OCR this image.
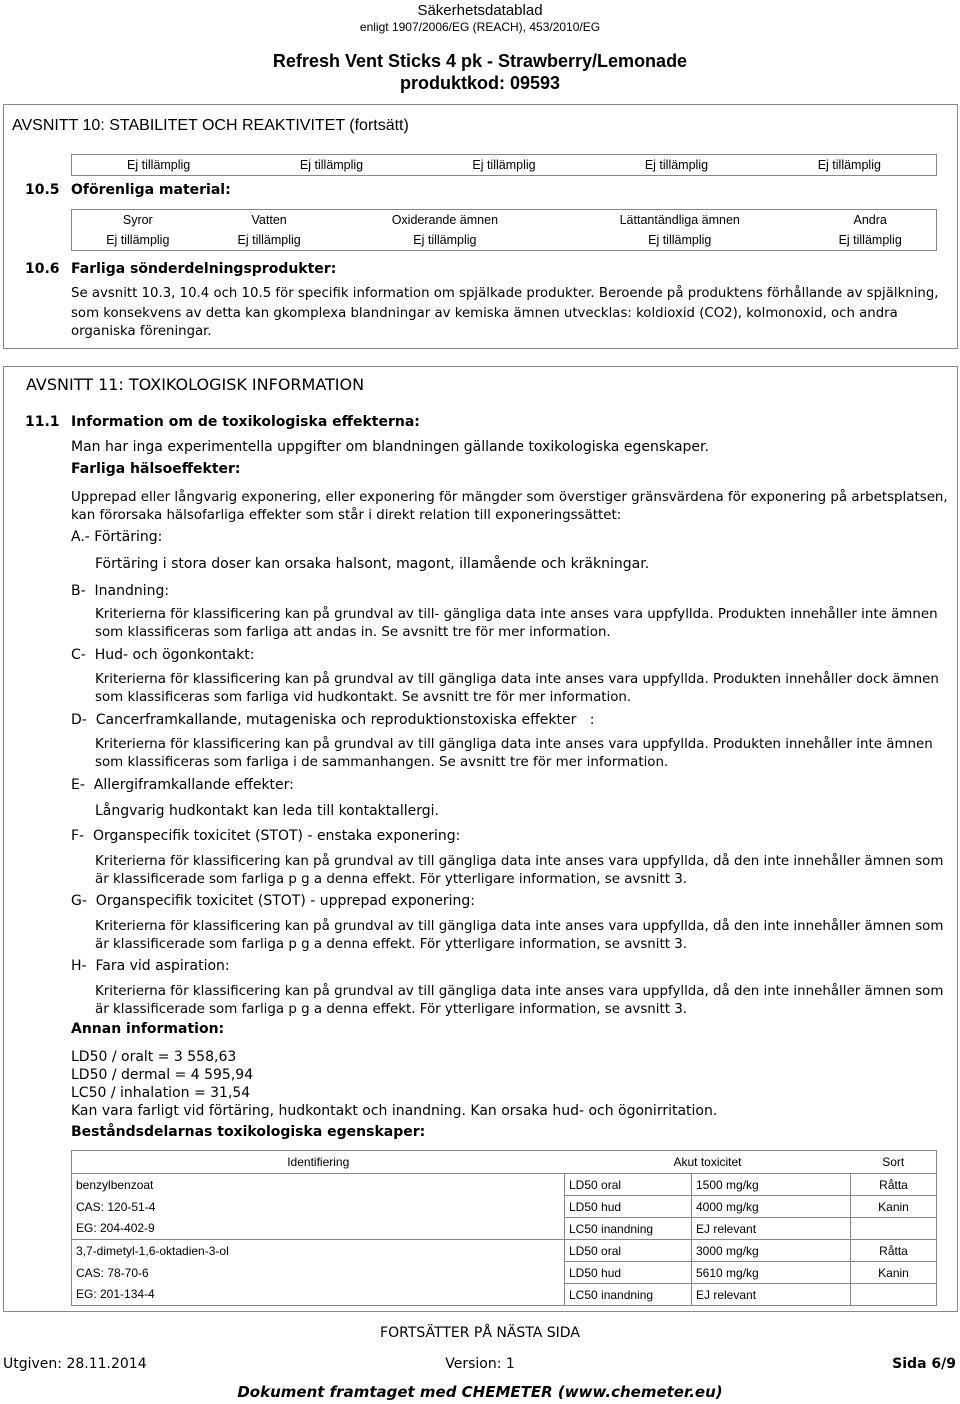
Säkerhetsdatablad
enligt 1907/2006/EG (REACH), 453/2010/EG
Refresh Vent Sticks 4 pk - Strawberry/Lemonade
produktkod: 09593
AVSNITT 10: STABILITET OCH REAKTIVITET (fortsätt)
Ej tillämplig	Ej tillämplig	Ej tillämplig	Ej tillämplig	Ej tillämplig
10.5 Oförenliga material:
Syror	Vatten	Oxiderande ämnen	Lättantändliga ämnen	Andra
Ej tillämplig	Ej tillämplig	Ej tillämplig	Ej tillämplig	Ej tillämplig
10.6 Farliga sönderdelningsprodukter:
Se avsnitt 10.3, 10.4 och 10.5 för specifik information om spjälkade produkter. Beroende på produktens förhållande av spjälkning,
som konsekvens av detta kan gkomplexa blandningar av kemiska ämnen utvecklas: koldioxid (CO2), kolmonoxid, och andra
organiska föreningar.
AVSNITT 11: TOXIKOLOGISK INFORMATION
11.1 Information om de toxikologiska effekterna:
Man har inga experimentella uppgifter om blandningen gällande toxikologiska egenskaper.
Farliga hälsoeffekter:
Upprepad eller långvarig exponering, eller exponering för mängder som överstiger gränsvärdena för exponering på arbetsplatsen,
kan förorsaka hälsofarliga effekter som står i direkt relation till exponeringssättet:
A.- Förtäring:
Förtäring i stora doser kan orsaka halsont, magont, illamående och kräkningar.
B-  Inandning:
Kriterierna för klassificering kan på grundval av till- gängliga data inte anses vara uppfyllda. Produkten innehåller inte ämnen
som klassificeras som farliga att andas in. Se avsnitt tre för mer information.
C-  Hud- och ögonkontakt:
Kriterierna för klassificering kan på grundval av till gängliga data inte anses vara uppfyllda. Produkten innehåller dock ämnen
som klassificeras som farliga vid hudkontakt. Se avsnitt tre för mer information.
D-  Cancerframkallande, mutageniska och reproduktionstoxiska effekter   :
Kriterierna för klassificering kan på grundval av till gängliga data inte anses vara uppfyllda. Produkten innehåller inte ämnen
som klassificeras som farliga i de sammanhangen. Se avsnitt tre för mer information.
E-  Allergiframkallande effekter:
Långvarig hudkontakt kan leda till kontaktallergi.
F-  Organspecifik toxicitet (STOT) - enstaka exponering:
Kriterierna för klassificering kan på grundval av till gängliga data inte anses vara uppfyllda, då den inte innehåller ämnen som
är klassificerade som farliga p g a denna effekt. För ytterligare information, se avsnitt 3.
G-  Organspecifik toxicitet (STOT) - upprepad exponering:
Kriterierna för klassificering kan på grundval av till gängliga data inte anses vara uppfyllda, då den inte innehåller ämnen som
är klassificerade som farliga p g a denna effekt. För ytterligare information, se avsnitt 3.
H-  Fara vid aspiration:
Kriterierna för klassificering kan på grundval av till gängliga data inte anses vara uppfyllda, då den inte innehåller ämnen som
är klassificerade som farliga p g a denna effekt. För ytterligare information, se avsnitt 3.
Annan information:
LD50 / oralt = 3 558,63
LD50 / dermal = 4 595,94
LC50 / inhalation = 31,54
Kan vara farligt vid förtäring, hudkontakt och inandning. Kan orsaka hud- och ögonirritation.
Beståndsdelarnas toxikologiska egenskaper:
Identifiering	Akut toxicitet		Sort
benzylbenzoat	LD50 oral	1500 mg/kg	Råtta
CAS: 120-51-4	LD50 hud	4000 mg/kg	Kanin
EG: 204-402-9	LC50 inandning	EJ relevant	
3,7-dimetyl-1,6-oktadien-3-ol	LD50 oral	3000 mg/kg	Råtta
CAS: 78-70-6	LD50 hud	5610 mg/kg	Kanin
EG: 201-134-4	LC50 inandning	EJ relevant	
FORTSÄTTER PÅ NÄSTA SIDA
Utgiven: 28.11.2014	Version: 1	Sida 6/9
Dokument framtaget med CHEMETER (www.chemeter.eu)
